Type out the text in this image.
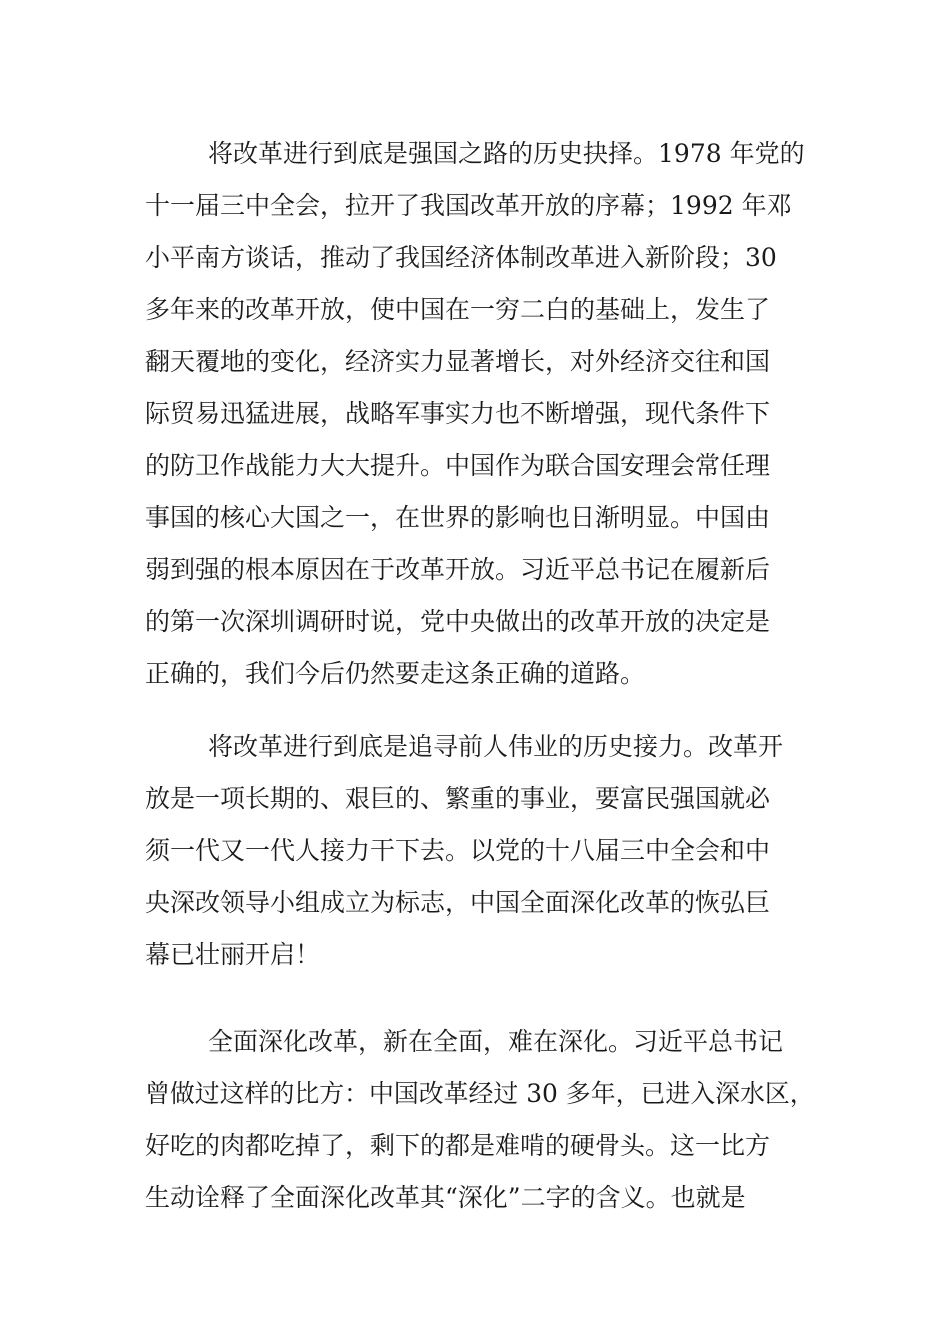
将改革进行到底是强国之路的历史抉择。1978 年党的
十一届三中全会，拉开了我国改革开放的序幕；1992 年邓
小平南方谈话，推动了我国经济体制改革进入新阶段；30
多年来的改革开放，使中国在一穷二白的基础上，发生了
翻天覆地的变化，经济实力显著增长，对外经济交往和国
际贸易迅猛进展，战略军事实力也不断增强，现代条件下
的防卫作战能力大大提升。中国作为联合国安理会常任理
事国的核心大国之一，在世界的影响也日渐明显。中国由
弱到强的根本原因在于改革开放。习近平总书记在履新后
的第一次深圳调研时说，党中央做出的改革开放的决定是
正确的，我们今后仍然要走这条正确的道路。
将改革进行到底是追寻前人伟业的历史接力。改革开
放是一项长期的、艰巨的、繁重的事业，要富民强国就必
须一代又一代人接力干下去。以党的十八届三中全会和中
央深改领导小组成立为标志，中国全面深化改革的恢弘巨
幕已壮丽开启！
全面深化改革，新在全面，难在深化。习近平总书记
曾做过这样的比方：中国改革经过 30 多年，已进入深水区，
好吃的肉都吃掉了，剩下的都是难啃的硬骨头。这一比方
生动诠释了全面深化改革其“深化”二字的含义。也就是
